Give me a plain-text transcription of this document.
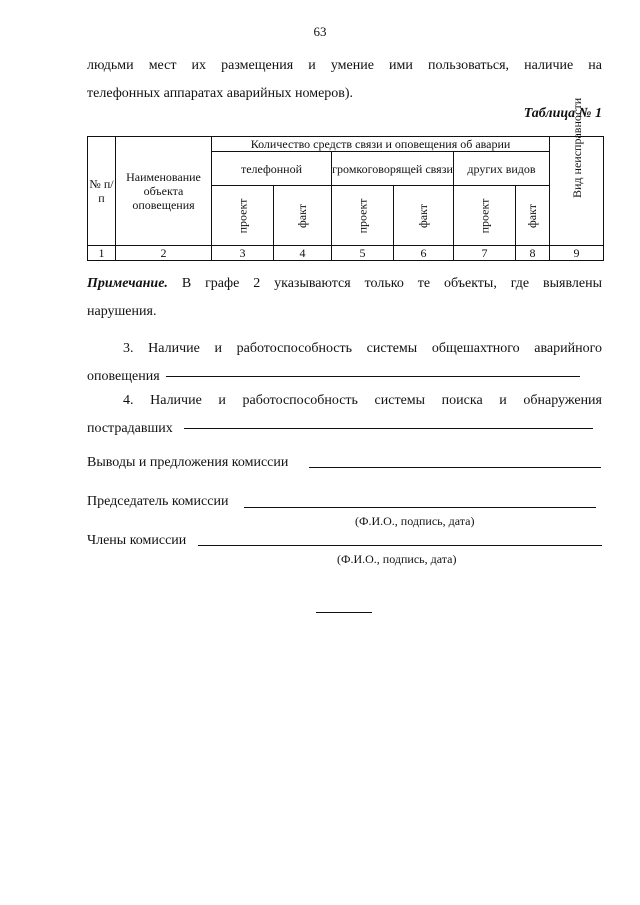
63
людьми мест их размещения и умение ими пользоваться, наличие на
телефонных аппаратах аварийных номеров).
Таблица № 1
№ п/п	Наименование объекта оповещения	Количество средств связи и оповещения об аварии						Вид неисправности
		телефонной		громкоговорящей связи		других видов		
		проект	факт	проект	факт	проект	факт	
1	2	3	4	5	6	7	8	9
Примечание. В графе 2 указываются только те объекты, где выявлены
нарушения.
3. Наличие и работоспособность системы общешахтного аварийного
оповещения
4. Наличие и работоспособность системы поиска и обнаружения
пострадавших
Выводы и предложения комиссии
Председатель комиссии
(Ф.И.О., подпись, дата)
Члены комиссии
(Ф.И.О., подпись, дата)
